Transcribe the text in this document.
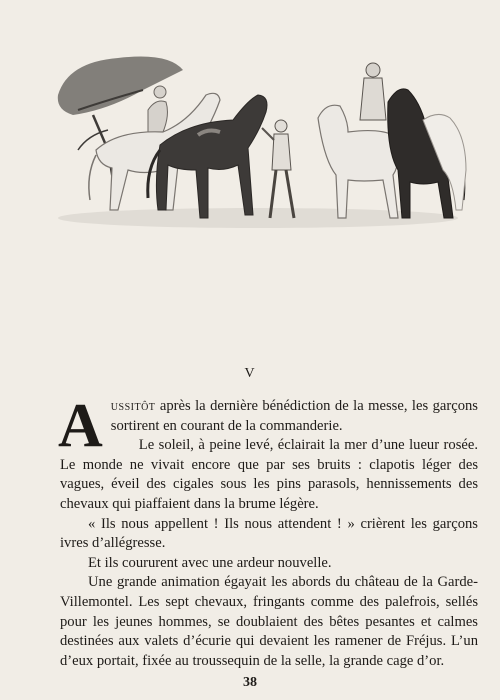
V

Aussitôt après la dernière bénédiction de la messe, les garçons sortirent en courant de la commanderie.

Le soleil, à peine levé, éclairait la mer d’une lueur rosée. Le monde ne vivait encore que par ses bruits : clapotis léger des vagues, éveil des cigales sous les pins parasols, hennissements des chevaux qui piaffaient dans la brume légère.

« Ils nous appellent ! Ils nous attendent ! » crièrent les garçons ivres d’allégresse.

Et ils coururent avec une ardeur nouvelle.

Une grande animation égayait les abords du château de la Garde-Villemontel. Les sept chevaux, fringants comme des palefrois, sellés pour les jeunes hommes, se doublaient des bêtes pesantes et calmes destinées aux valets d’écurie qui devaient les ramener de Fréjus. L’un d’eux portait, fixée au troussequin de la selle, la grande cage d’or.

38
